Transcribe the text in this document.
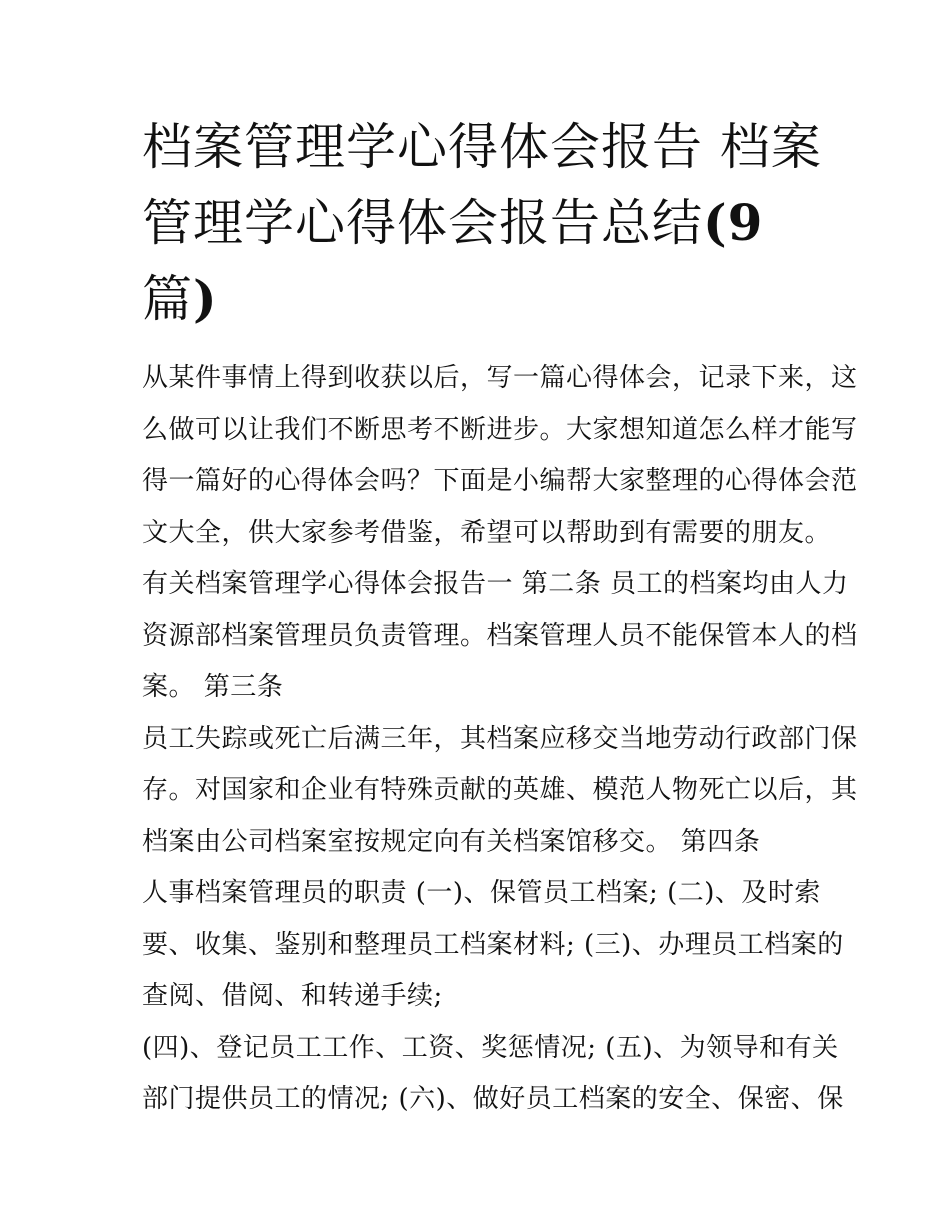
档案管理学心得体会报告 档案
管理学心得体会报告总结(9
篇)
从某件事情上得到收获以后，写一篇心得体会，记录下来，这
么做可以让我们不断思考不断进步。大家想知道怎么样才能写
得一篇好的心得体会吗？下面是小编帮大家整理的心得体会范
文大全，供大家参考借鉴，希望可以帮助到有需要的朋友。
有关档案管理学心得体会报告一 第二条 员工的档案均由人力
资源部档案管理员负责管理。档案管理人员不能保管本人的档
案。 第三条
员工失踪或死亡后满三年，其档案应移交当地劳动行政部门保
存。对国家和企业有特殊贡献的英雄、模范人物死亡以后，其
档案由公司档案室按规定向有关档案馆移交。 第四条
人事档案管理员的职责 (一)、保管员工档案; (二)、及时索
要、收集、鉴别和整理员工档案材料; (三)、办理员工档案的
查阅、借阅、和转递手续;
(四)、登记员工工作、工资、奖惩情况; (五)、为领导和有关
部门提供员工的情况; (六)、做好员工档案的安全、保密、保
